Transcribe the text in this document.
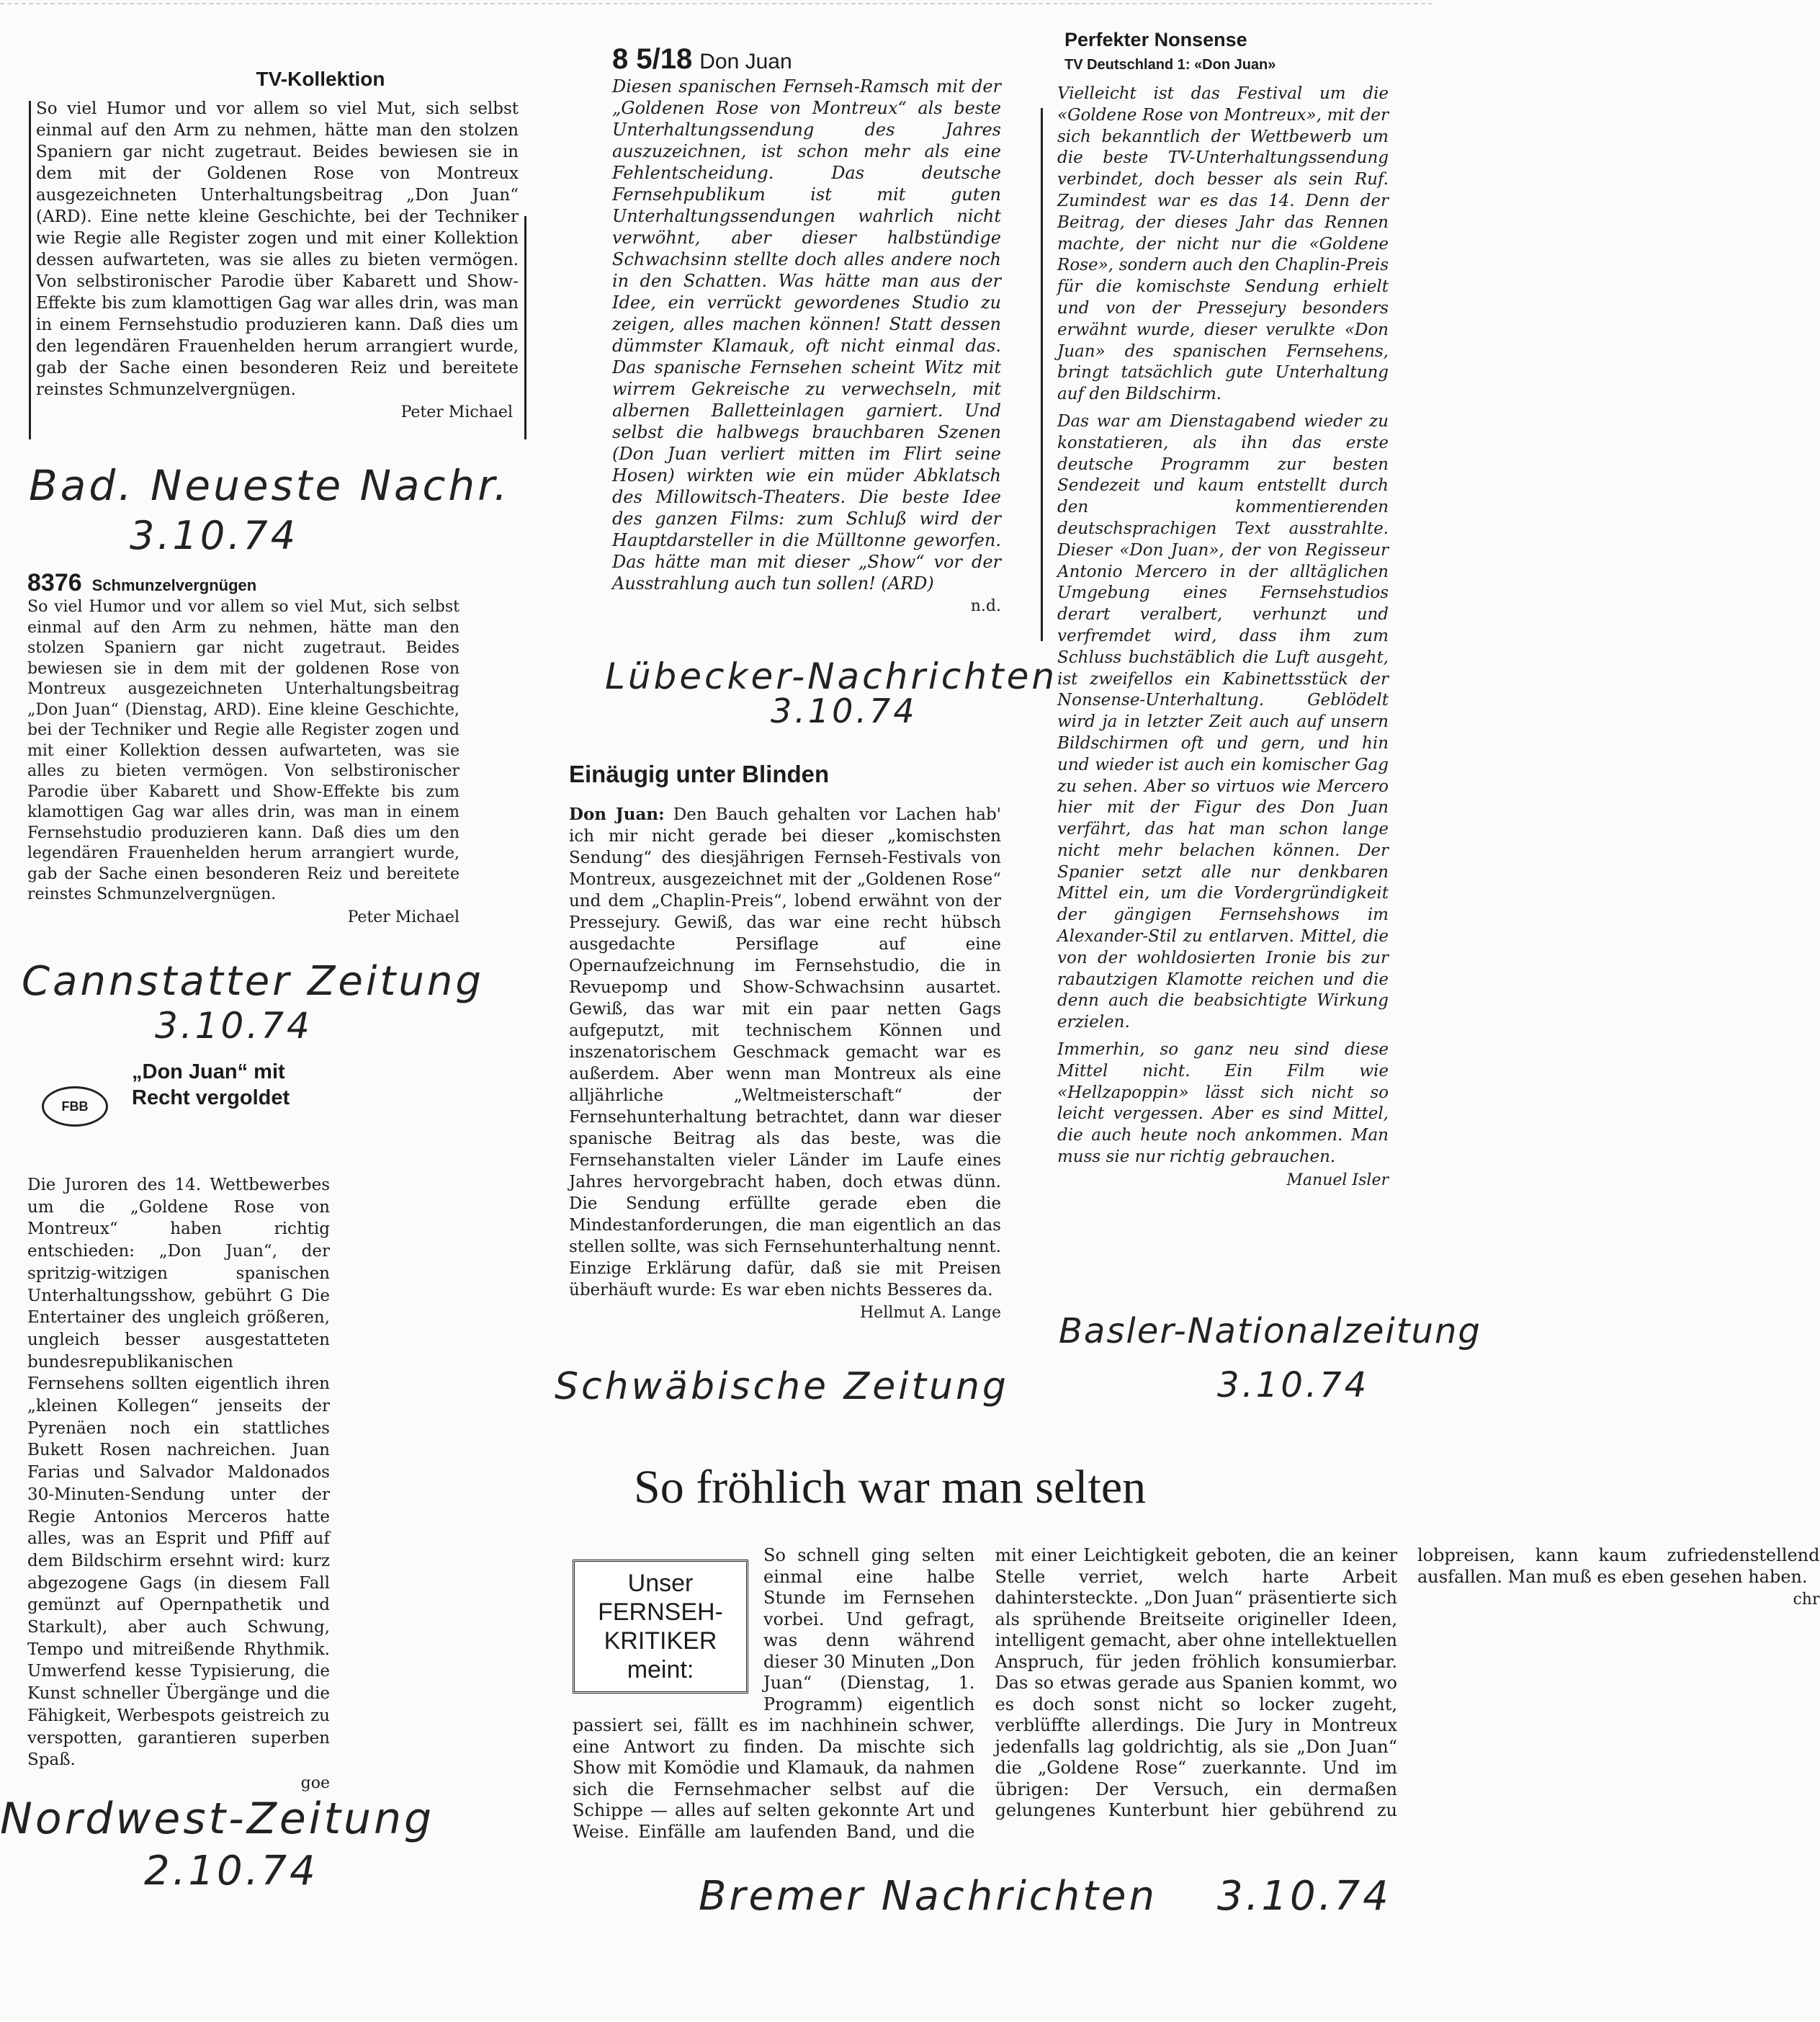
TV-Kollektion

So viel Humor und vor allem so viel Mut, sich selbst einmal auf den Arm zu nehmen, hätte man den stolzen Spaniern gar nicht zugetraut. Beides bewiesen sie in dem mit der Goldenen Rose von Montreux ausgezeichneten Unterhaltungsbeitrag „Don Juan“ (ARD). Eine nette kleine Geschichte, bei der Techniker wie Regie alle Register zogen und mit einer Kollektion dessen aufwarteten, was sie alles zu bieten vermögen. Von selbstironischer Parodie über Kabarett und Show-Effekte bis zum klamottigen Gag war alles drin, was man in einem Fernsehstudio produzieren kann. Daß dies um den legendären Frauenhelden herum arrangiert wurde, gab der Sache einen besonderen Reiz und bereitete reinstes Schmunzelvergnügen.

Peter Michael
Bad. Neueste Nachr.
3.10.74
8376 Schmunzelvergnügen

So viel Humor und vor allem so viel Mut, sich selbst einmal auf den Arm zu nehmen, hätte man den stolzen Spaniern gar nicht zugetraut. Beides bewiesen sie in dem mit der goldenen Rose von Montreux ausgezeichneten Unterhaltungsbeitrag „Don Juan“ (Dienstag, ARD). Eine kleine Geschichte, bei der Techniker und Regie alle Register zogen und mit einer Kollektion dessen aufwarteten, was sie alles zu bieten vermögen. Von selbstironischer Parodie über Kabarett und Show-Effekte bis zum klamottigen Gag war alles drin, was man in einem Fernsehstudio produzieren kann. Daß dies um den legendären Frauenhelden herum arrangiert wurde, gab der Sache einen besonderen Reiz und bereitete reinstes Schmunzelvergnügen.

Peter Michael
Cannstatter Zeitung
3.10.74
FBB
„Don Juan“ mit Recht vergoldet

Die Juroren des 14. Wettbewerbes um die „Goldene Rose von Montreux“ haben richtig entschieden: „Don Juan“, der spritzig-witzigen spanischen Unterhaltungsshow, gebührt G Die Entertainer des ungleich größeren, ungleich besser ausgestatteten bundesrepublikanischen Fernsehens sollten eigentlich ihren „kleinen Kollegen“ jenseits der Pyrenäen noch ein stattliches Bukett Rosen nachreichen. Juan Farias und Salvador Maldonados 30-Minuten-Sendung unter der Regie Antonios Merceros hatte alles, was an Esprit und Pfiff auf dem Bildschirm ersehnt wird: kurz abgezogene Gags (in diesem Fall gemünzt auf Opernpathetik und Starkult), aber auch Schwung, Tempo und mitreißende Rhythmik. Umwerfend kesse Typisierung, die Kunst schneller Übergänge und die Fähigkeit, Werbespots geistreich zu verspotten, garantieren superben Spaß.

goe
Nordwest-Zeitung
2.10.74
8 5/18 Don Juan

Diesen spanischen Fernseh-Ramsch mit der „Goldenen Rose von Montreux“ als beste Unterhaltungssendung des Jahres auszuzeichnen, ist schon mehr als eine Fehlentscheidung. Das deutsche Fernsehpublikum ist mit guten Unterhaltungssendungen wahrlich nicht verwöhnt, aber dieser halbstündige Schwachsinn stellte doch alles andere noch in den Schatten. Was hätte man aus der Idee, ein verrückt gewordenes Studio zu zeigen, alles machen können! Statt dessen dümmster Klamauk, oft nicht einmal das. Das spanische Fernsehen scheint Witz mit wirrem Gekreische zu verwechseln, mit albernen Balletteinlagen garniert. Und selbst die halbwegs brauchbaren Szenen (Don Juan verliert mitten im Flirt seine Hosen) wirkten wie ein müder Abklatsch des Millowitsch-Theaters. Die beste Idee des ganzen Films: zum Schluß wird der Hauptdarsteller in die Mülltonne geworfen. Das hätte man mit dieser „Show“ vor der Ausstrahlung auch tun sollen! (ARD)

n.d.
Lübecker-Nachrichten
3.10.74
Einäugig unter Blinden

Don Juan: Den Bauch gehalten vor Lachen hab' ich mir nicht gerade bei dieser „komischsten Sendung“ des diesjährigen Fernseh-Festivals von Montreux, ausgezeichnet mit der „Goldenen Rose“ und dem „Chaplin-Preis“, lobend erwähnt von der Pressejury. Gewiß, das war eine recht hübsch ausgedachte Persiflage auf eine Opernaufzeichnung im Fernsehstudio, die in Revuepomp und Show-Schwachsinn ausartet. Gewiß, das war mit ein paar netten Gags aufgeputzt, mit technischem Können und inszenatorischem Geschmack gemacht war es außerdem. Aber wenn man Montreux als eine alljährliche „Weltmeisterschaft“ der Fernsehunterhaltung betrachtet, dann war dieser spanische Beitrag als das beste, was die Fernsehanstalten vieler Länder im Laufe eines Jahres hervorgebracht haben, doch etwas dünn. Die Sendung erfüllte gerade eben die Mindestanforderungen, die man eigentlich an das stellen sollte, was sich Fernsehunterhaltung nennt. Einzige Erklärung dafür, daß sie mit Preisen überhäuft wurde: Es war eben nichts Besseres da.

Hellmut A. Lange
Schwäbische Zeitung
Perfekter Nonsense
TV Deutschland 1: «Don Juan»

Vielleicht ist das Festival um die «Goldene Rose von Montreux», mit der sich bekanntlich der Wettbewerb um die beste TV-Unterhaltungssendung verbindet, doch besser als sein Ruf. Zumindest war es das 14. Denn der Beitrag, der dieses Jahr das Rennen machte, der nicht nur die «Goldene Rose», sondern auch den Chaplin-Preis für die komischste Sendung erhielt und von der Pressejury besonders erwähnt wurde, dieser verulkte «Don Juan» des spanischen Fernsehens, bringt tatsächlich gute Unterhaltung auf den Bildschirm.

Das war am Dienstagabend wieder zu konstatieren, als ihn das erste deutsche Programm zur besten Sendezeit und kaum entstellt durch den kommentierenden deutschsprachigen Text ausstrahlte. Dieser «Don Juan», der von Regisseur Antonio Mercero in der alltäglichen Umgebung eines Fernsehstudios derart veralbert, verhunzt und verfremdet wird, dass ihm zum Schluss buchstäblich die Luft ausgeht, ist zweifellos ein Kabinettsstück der Nonsense-Unterhaltung. Geblödelt wird ja in letzter Zeit auch auf unsern Bildschirmen oft und gern, und hin und wieder ist auch ein komischer Gag zu sehen. Aber so virtuos wie Mercero hier mit der Figur des Don Juan verfährt, das hat man schon lange nicht mehr belachen können. Der Spanier setzt alle nur denkbaren Mittel ein, um die Vordergründigkeit der gängigen Fernsehshows im Alexander-Stil zu entlarven. Mittel, die von der wohldosierten Ironie bis zur rabautzigen Klamotte reichen und die denn auch die beabsichtigte Wirkung erzielen.

Immerhin, so ganz neu sind diese Mittel nicht. Ein Film wie «Hellzapoppin» lässt sich nicht so leicht vergessen. Aber es sind Mittel, die auch heute noch ankommen. Man muss sie nur richtig gebrauchen.

Manuel Isler
Basler-Nationalzeitung
3.10.74
So fröhlich war man selten
Unser
FERNSEH-
KRITIKER
meint:

So schnell ging selten einmal eine halbe Stunde im Fernsehen vorbei. Und gefragt, was denn während dieser 30 Minuten „Don Juan“ (Dienstag, 1. Programm) eigentlich passiert sei, fällt es im nachhinein schwer, eine Antwort zu finden. Da mischte sich Show mit Komödie und Klamauk, da nahmen sich die Fernsehmacher selbst auf die Schippe — alles auf selten gekonnte Art und Weise. Einfälle am laufenden Band, und die mit einer Leichtigkeit geboten, die an keiner Stelle verriet, welch harte Arbeit dahintersteckte. „Don Juan“ präsentierte sich als sprühende Breitseite origineller Ideen, intelligent gemacht, aber ohne intellektuellen Anspruch, für jeden fröhlich konsumierbar. Das so etwas gerade aus Spanien kommt, wo es doch sonst nicht so locker zugeht, verblüffte allerdings. Die Jury in Montreux jedenfalls lag goldrichtig, als sie „Don Juan“ die „Goldene Rose“ zuerkannte. Und im übrigen: Der Versuch, ein dermaßen gelungenes Kunterbunt hier gebührend zu lobpreisen, kann kaum zufriedenstellend ausfallen. Man muß es eben gesehen haben.

chr
Bremer Nachrichten 3.10.74
